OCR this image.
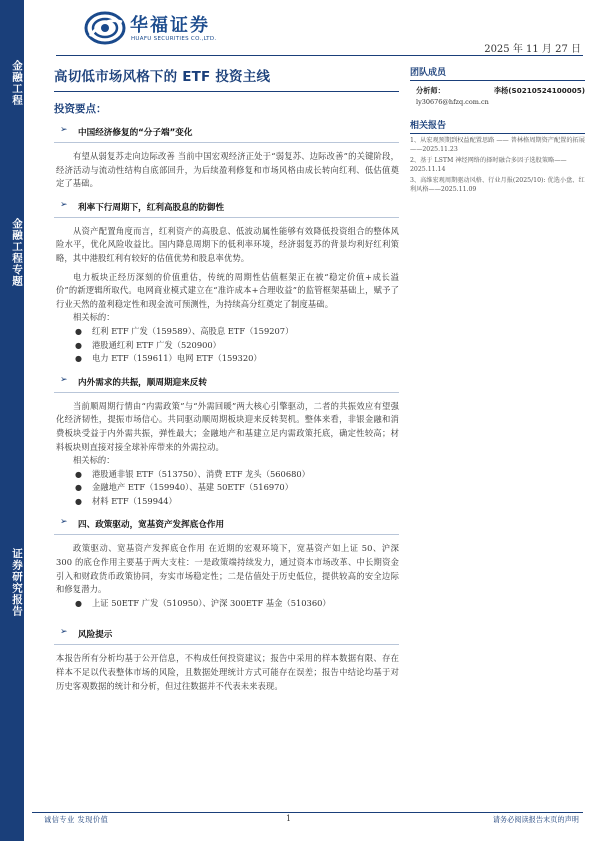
金融工程
金融工程专题
证券研究报告
华福证券
HUAFU SECURITIES CO.,LTD.
2025 年 11 月 27 日
高切低市场风格下的 ETF 投资主线
投资要点：
➢ 中国经济修复的“分子端”变化

有望从弱复苏走向边际改善 当前中国宏观经济正处于“弱复苏、边际改善”的关键阶段，经济活动与流动性结构自底部回升，为后续盈利修复和市场风格由成长转向红利、低估值奠定了基础。

➢ 利率下行周期下，红利高股息的防御性

从资产配置角度而言，红利资产的高股息、低波动属性能够有效降低投资组合的整体风险水平，优化风险收益比。国内降息周期下的低利率环境，经济弱复苏的背景均利好红利策略，其中港股红利有较好的估值优势和股息率优势。

电力板块正经历深刻的价值重估，传统的周期性估值框架正在被“稳定价值+成长溢价”的新逻辑所取代。电网商业模式建立在“准许成本+合理收益”的监管框架基础上，赋予了行业天然的盈利稳定性和现金流可预测性，为持续高分红奠定了制度基础。

相关标的：
● 红利 ETF 广发（159589）、高股息 ETF（159207）
● 港股通红利 ETF 广发（520900）
● 电力 ETF（159611）电网 ETF（159320）
➢ 内外需求的共振，顺周期迎来反转

当前顺周期行情由“内需政策”与“外需回暖”两大核心引擎驱动，二者的共振效应有望强化经济韧性，提振市场信心。共同驱动顺周期板块迎来反转契机。整体来看，非银金融和消费板块受益于内外需共振，弹性最大；金融地产和基建立足内需政策托底，确定性较高；材料板块则直接对接全球补库带来的外需拉动。

相关标的：
● 港股通非银 ETF（513750）、消费 ETF 龙头（560680）
● 金融地产 ETF（159940）、基建 50ETF（516970）
● 材料 ETF（159944）
➢ 四、政策驱动，宽基资产发挥底仓作用

政策驱动、宽基资产发挥底仓作用 在近期的宏观环境下，宽基资产如上证 50、沪深 300 的底仓作用主要基于两大支柱：一是政策端持续发力，通过资本市场改革、中长期资金引入和财政货币政策协同，夯实市场稳定性；二是估值处于历史低位，提供较高的安全边际和修复潜力。

● 上证 50ETF 广发（510950）、沪深 300ETF 基金（510360）
➢ 风险提示

本报告所有分析均基于公开信息，不构成任何投资建议；报告中采用的样本数据有限、存在样本不足以代表整体市场的风险，且数据处理统计方式可能存在误差；报告中结论均基于对历史客观数据的统计和分析，但过往数据并不代表未来表现。

团队成员
分析师：	李杨(S0210524100005)
ly30676@hfzq.com.cn
相关报告
1、从宏观预期到权益配置思路 —— 普林格周期资产配置的拓展——2025.11.23
2、基于 LSTM 神经网络的择时融合多因子选股策略——2025.11.14
3、高维宏观周期驱动风格、行业月报(2025/10): 优选小盘、红利风格——2025.11.09
诚信专业 发现价值	1	请务必阅读报告末页的声明
